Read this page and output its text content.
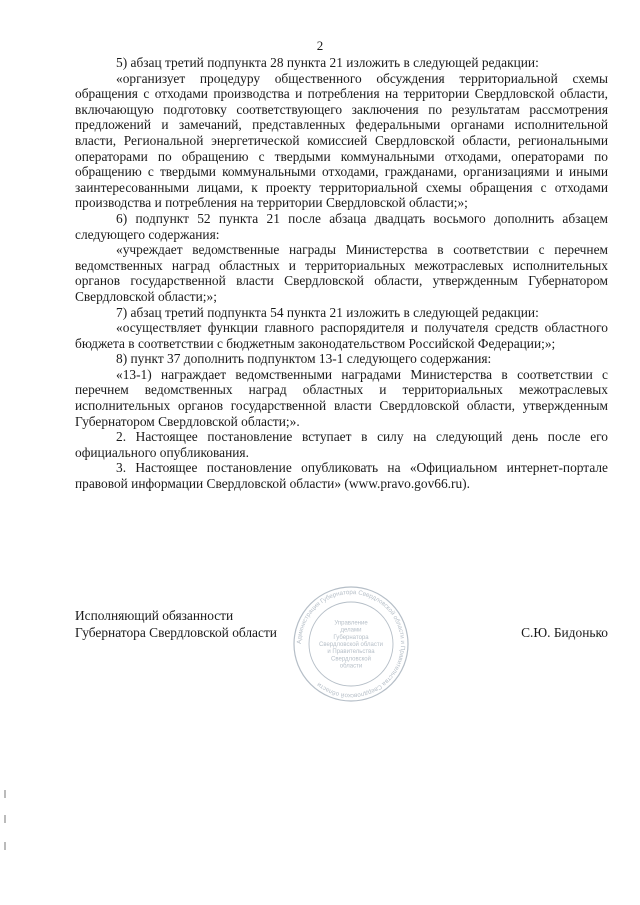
2

5) абзац третий подпункта 28 пункта 21 изложить в следующей редакции:

«организует процедуру общественного обсуждения территориальной схемы обращения с отходами производства и потребления на территории Свердловской области, включающую подготовку соответствующего заключения по результатам рассмотрения предложений и замечаний, представленных федеральными органами исполнительной власти, Региональной энергетической комиссией Свердловской области, региональными операторами по обращению с твердыми коммунальными отходами, операторами по обращению с твердыми коммунальными отходами, гражданами, организациями и иными заинтересованными лицами, к проекту территориальной схемы обращения с отходами производства и потребления на территории Свердловской области;»;

6) подпункт 52 пункта 21 после абзаца двадцать восьмого дополнить абзацем следующего содержания:

«учреждает ведомственные награды Министерства в соответствии с перечнем ведомственных наград областных и территориальных межотраслевых исполнительных органов государственной власти Свердловской области, утвержденным Губернатором Свердловской области;»;

7) абзац третий подпункта 54 пункта 21 изложить в следующей редакции:

«осуществляет функции главного распорядителя и получателя средств областного бюджета в соответствии с бюджетным законодательством Российской Федерации;»;

8) пункт 37 дополнить подпунктом 13-1 следующего содержания:

«13-1) награждает ведомственными наградами Министерства в соответствии с перечнем ведомственных наград областных и территориальных межотраслевых исполнительных органов государственной власти Свердловской области, утвержденным Губернатором Свердловской области;».

2. Настоящее постановление вступает в силу на следующий день после его официального опубликования.

3. Настоящее постановление опубликовать на «Официальном интернет-портале правовой информации Свердловской области» (www.pravo.gov66.ru).

Исполняющий обязанности
Губернатора Свердловской области	С.Ю. Бидонько
Администрация Губернатора Свердловской области и Правительства Свердловской области
Управление
делами
Губернатора
Свердловской области
и Правительства
Свердловской
области
